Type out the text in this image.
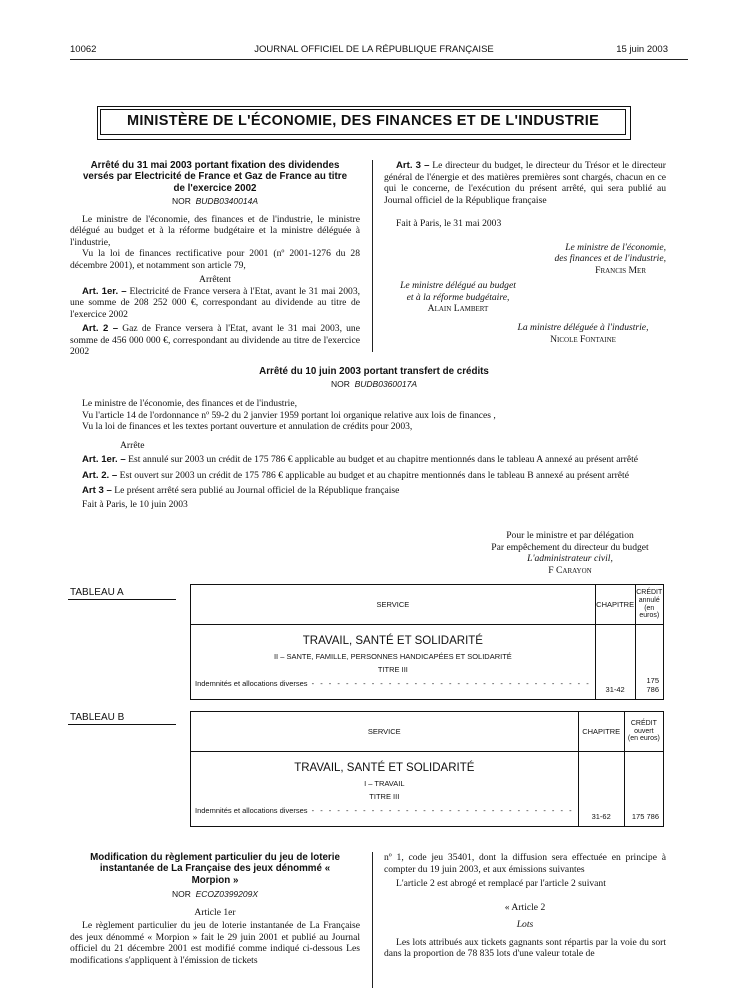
10062	JOURNAL OFFICIEL DE LA RÉPUBLIQUE FRANÇAISE	15 juin 2003
MINISTÈRE DE L'ÉCONOMIE, DES FINANCES ET DE L'INDUSTRIE

Arrêté du 31 mai 2003 portant fixation des dividendes versés par Electricité de France et Gaz de France au titre de l'exercice 2002

NOR BUDB0340014A

Le ministre de l'économie, des finances et de l'industrie, le ministre délégué au budget et à la réforme budgétaire et la ministre déléguée à l'industrie,

Vu la loi de finances rectificative pour 2001 (nº 2001-1276 du 28 décembre 2001), et notamment son article 79,

Arrêtent

Art. 1er. – Electricité de France versera à l'Etat, avant le 31 mai 2003, une somme de 208 252 000 €, correspondant au dividende au titre de l'exercice 2002

Art. 2 – Gaz de France versera à l'Etat, avant le 31 mai 2003, une somme de 456 000 000 €, correspondant au dividende au titre de l'exercice 2002

Art. 3 – Le directeur du budget, le directeur du Trésor et le directeur général de l'énergie et des matières premières sont chargés, chacun en ce qui le concerne, de l'exécution du présent arrêté, qui sera publié au Journal officiel de la République française

Fait à Paris, le 31 mai 2003

Le ministre de l'économie,
des finances et de l'industrie,
Francis Mer
Le ministre délégué au budget
et à la réforme budgétaire,
Alain Lambert
La ministre déléguée à l'industrie,
Nicole Fontaine
Arrêté du 10 juin 2003 portant transfert de crédits
NOR BUDB0360017A

Le ministre de l'économie, des finances et de l'industrie,

Vu l'article 14 de l'ordonnance nº 59-2 du 2 janvier 1959 portant loi organique relative aux lois de finances ,

Vu la loi de finances et les textes portant ouverture et annulation de crédits pour 2003,

Arrête

Art. 1er. – Est annulé sur 2003 un crédit de 175 786 € applicable au budget et au chapitre mentionnés dans le tableau A annexé au présent arrêté

Art. 2. – Est ouvert sur 2003 un crédit de 175 786 € applicable au budget et au chapitre mentionnés dans le tableau B annexé au présent arrêté

Art 3 – Le présent arrêté sera publié au Journal officiel de la République française

Fait à Paris, le 10 juin 2003

Pour le ministre et par délégation
Par empêchement du directeur du budget
L'administrateur civil,
F Carayon
TABLEAU A
SERVICE	CHAPITRE	CRÉDIT
annulé
(en euros)

TRAVAIL, SANTÉ ET SOLIDARITÉ
II – SANTE, FAMILLE, PERSONNES HANDICAPÉES ET SOLIDARITÉ
TITRE III
Indemnités et allocations diverses ‑ ‑ ‑ ‑ ‑ ‑ ‑ ‑ ‑ ‑ ‑ ‑ ‑ ‑ ‑ ‑ ‑ ‑ ‑ ‑ ‑ ‑ ‑ ‑ ‑ ‑ ‑ ‑ ‑ ‑ ‑ ‑ ‑	31-42	175 786
TABLEAU B
SERVICE	CHAPITRE	CRÉDIT
ouvert
(en euros)

TRAVAIL, SANTÉ ET SOLIDARITÉ
I – TRAVAIL
TITRE III
Indemnités et allocations diverses ‑ ‑ ‑ ‑ ‑ ‑ ‑ ‑ ‑ ‑ ‑ ‑ ‑ ‑ ‑ ‑ ‑ ‑ ‑ ‑ ‑ ‑ ‑ ‑ ‑ ‑ ‑ ‑ ‑ ‑ ‑	31-62	175 786

Modification du règlement particulier du jeu de loterie instantanée de La Française des jeux dénommé « Morpion »

NOR ECOZ0399209X

Article 1er

Le règlement particulier du jeu de loterie instantanée de La Française des jeux dénommé « Morpion » fait le 29 juin 2001 et publié au Journal officiel du 21 décembre 2001 est modifié comme indiqué ci-dessous Les modifications s'appliquent à l'émission de tickets

nº 1, code jeu 35401, dont la diffusion sera effectuée en principe à compter du 19 juin 2003, et aux émissions suivantes

L'article 2 est abrogé et remplacé par l'article 2 suivant

« Article 2

Lots

Les lots attribués aux tickets gagnants sont répartis par la voie du sort dans la proportion de 78 835 lots d'une valeur totale de
